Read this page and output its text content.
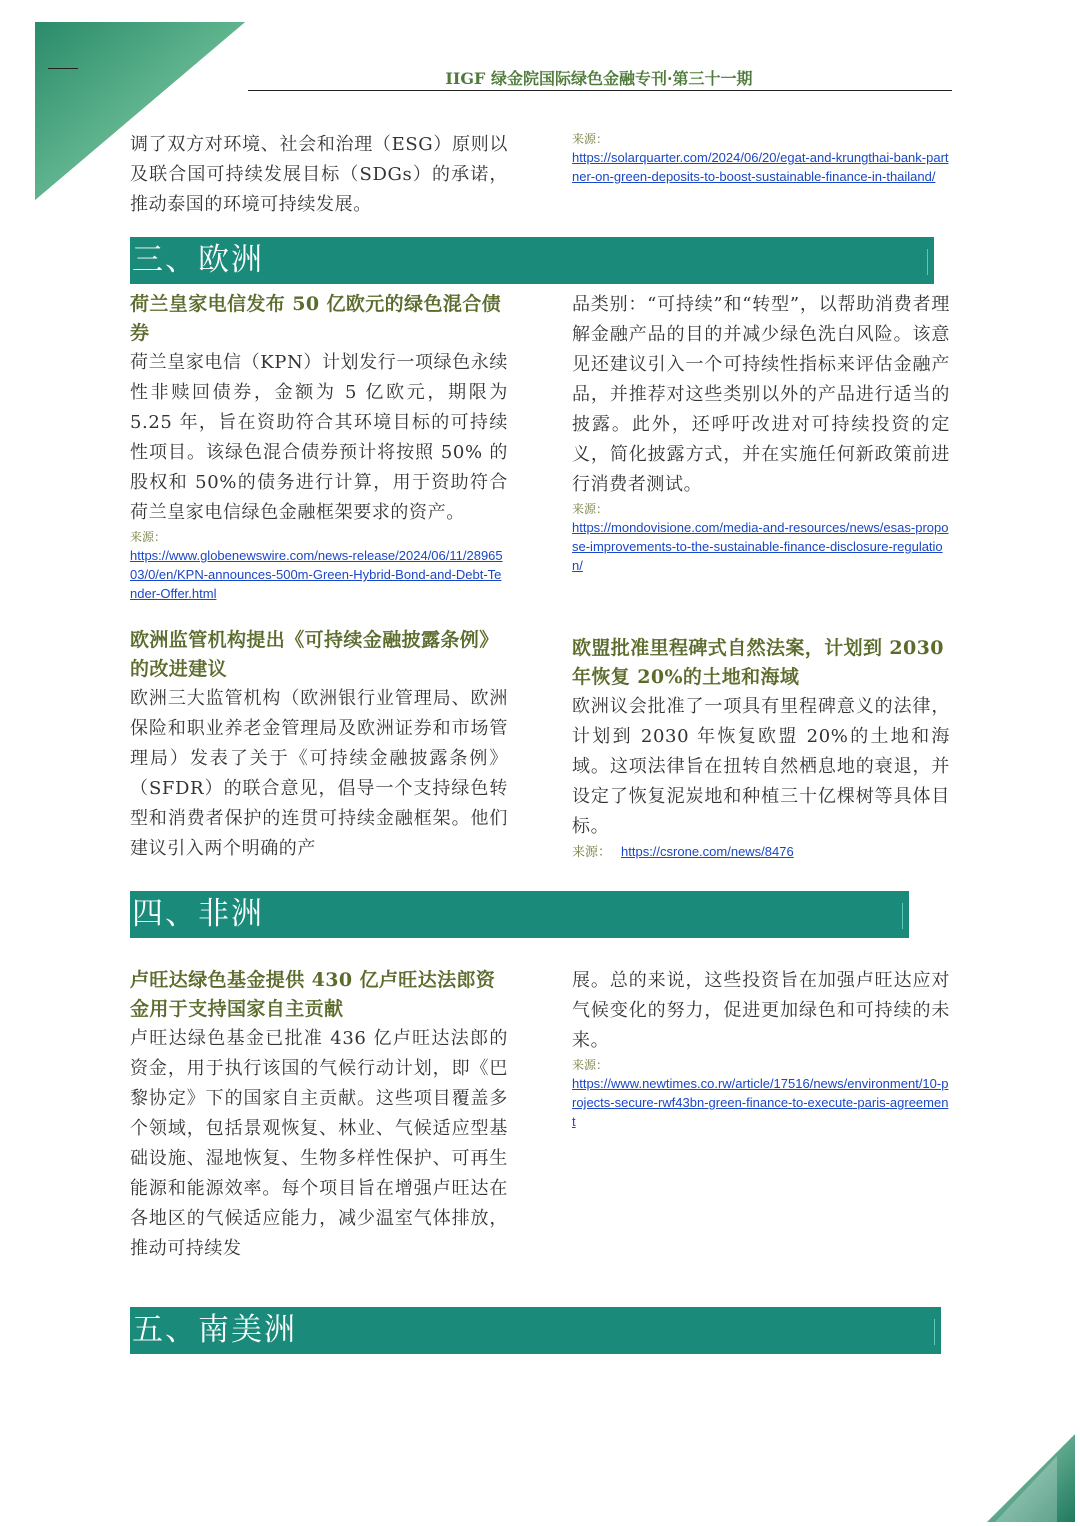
IIGF 绿金院国际绿色金融专刊·第三十一期
调了双方对环境、社会和治理（ESG）原则以及联合国可持续发展目标（SDGs）的承诺，推动泰国的环境可持续发展。
来源：
https://solarquarter.com/2024/06/20/egat-and-krungthai-bank-partner-on-green-deposits-to-boost-sustainable-finance-in-thailand/
三、欧洲
荷兰皇家电信发布 50 亿欧元的绿色混合债券
荷兰皇家电信（KPN）计划发行一项绿色永续性非赎回债券，金额为 5 亿欧元，期限为 5.25 年，旨在资助符合其环境目标的可持续性项目。该绿色混合债券预计将按照 50% 的股权和 50%的债务进行计算，用于资助符合荷兰皇家电信绿色金融框架要求的资产。
来源：
https://www.globenewswire.com/news-release/2024/06/11/2896503/0/en/KPN-announces-500m-Green-Hybrid-Bond-and-Debt-Tender-Offer.html
欧洲监管机构提出《可持续金融披露条例》的改进建议
欧洲三大监管机构（欧洲银行业管理局、欧洲保险和职业养老金管理局及欧洲证券和市场管理局）发表了关于《可持续金融披露条例》（SFDR）的联合意见，倡导一个支持绿色转型和消费者保护的连贯可持续金融框架。他们建议引入两个明确的产
品类别：“可持续”和“转型”，以帮助消费者理解金融产品的目的并减少绿色洗白风险。该意见还建议引入一个可持续性指标来评估金融产品，并推荐对这些类别以外的产品进行适当的披露。此外，还呼吁改进对可持续投资的定义，简化披露方式，并在实施任何新政策前进行消费者测试。
来源：
https://mondovisione.com/media-and-resources/news/esas-propose-improvements-to-the-sustainable-finance-disclosure-regulation/
欧盟批准里程碑式自然法案，计划到 2030 年恢复 20%的土地和海域
欧洲议会批准了一项具有里程碑意义的法律，计划到 2030 年恢复欧盟 20%的土地和海域。这项法律旨在扭转自然栖息地的衰退，并设定了恢复泥炭地和种植三十亿棵树等具体目标。
来源： https://csrone.com/news/8476
四、非洲
卢旺达绿色基金提供 430 亿卢旺达法郎资金用于支持国家自主贡献
卢旺达绿色基金已批准 436 亿卢旺达法郎的资金，用于执行该国的气候行动计划，即《巴黎协定》下的国家自主贡献。这些项目覆盖多个领域，包括景观恢复、林业、气候适应型基础设施、湿地恢复、生物多样性保护、可再生能源和能源效率。每个项目旨在增强卢旺达在各地区的气候适应能力，减少温室气体排放，推动可持续发
展。总的来说，这些投资旨在加强卢旺达应对气候变化的努力，促进更加绿色和可持续的未来。
来源：
https://www.newtimes.co.rw/article/17516/news/environment/10-projects-secure-rwf43bn-green-finance-to-execute-paris-agreement
五、南美洲
